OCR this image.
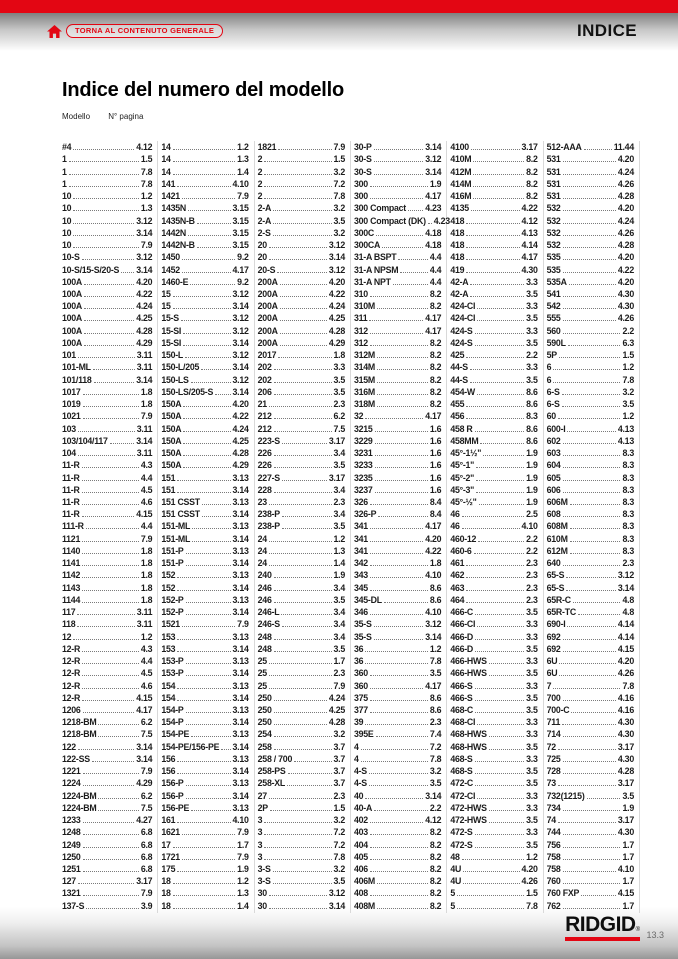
TORNA AL CONTENUTO GENERALE	INDICE
Indice del numero del modello
Modello N° pagina
#4	4.12
1	1.5
1	7.8
1	7.8
10	1.2
10	1.3
10	3.12
10	3.14
10	7.9
10-S	3.12
10-S/15-S/20-S 3.14
100A	4.20
100A	4.22
100A	4.24
100A	4.25
100A	4.28
100A	4.29
101	3.11
101-ML	3.11
101/118	3.14
1017	1.8
1019	1.8
1021	7.9
103	3.11
103/104/117	3.14
104	3.11
11-R	4.3
11-R	4.4
11-R	4.5
11-R	4.6
11-R	4.15
111-R	4.4
1121	7.9
1140	1.8
1141	1.8
1142	1.8
1143	1.8
1144	1.8
117	3.11
118	3.11
12	1.2
12-R	4.3
12-R	4.4
12-R	4.5
12-R	4.6
12-R	4.15
1206	4.17
1218-BM	6.2
1218-BM	7.5
122	3.14
122-SS	3.14
1221	7.9
1224	4.29
1224-BM	6.2
1224-BM	7.5
1233	4.27
1248	6.8
1249	6.8
1250	6.8
1251	6.8
127	3.17
1321	7.9
137-S	3.9
14	1.2
14	1.3
14	1.4
141	4.10
1421	7.9
1435N	3.15
1435N-B	3.15
1442N	3.15
1442N-B	3.15
1450	9.2
1452	4.17
1460-E	9.2
15	3.12
15	3.14
15-S	3.12
15-SI	3.12
15-SI	3.14
150-L	3.12
150-L/205	3.14
150-LS	3.12
150-LS/205-S 3.14
150A	4.20
150A	4.22
150A	4.24
150A	4.25
150A	4.28
150A	4.29
151	3.13
151	3.14
151 CSST	3.13
151 CSST	3.14
151-ML	3.13
151-ML	3.14
151-P	3.13
151-P	3.14
152	3.13
152	3.14
152-P	3.13
152-P	3.14
1521	7.9
153	3.13
153	3.14
153-P	3.13
153-P	3.14
154	3.13
154	3.14
154-P	3.13
154-P	3.14
154-PE	3.13
154-PE/156-PE 3.14
156	3.13
156	3.14
156-P	3.13
156-P	3.14
156-PE	3.13
161	4.10
1621	7.9
17	1.7
1721	7.9
175	1.9
18	1.2
18	1.3
18	1.4
1821	7.9
2	1.5
2	3.2
2	7.2
2	7.8
2-A	3.2
2-A	3.5
2-S	3.2
20	3.12
20	3.14
20-S	3.12
200A	4.20
200A	4.22
200A	4.24
200A	4.25
200A	4.28
200A	4.29
2017	1.8
202	3.3
202	3.5
206	3.5
21	2.3
212	6.2
212	7.5
223-S	3.17
226	3.4
226	3.5
227-S	3.17
228	3.4
23	2.3
238-P	3.4
238-P	3.5
24	1.2
24	1.3
24	1.4
240	1.9
246	3.4
246	3.5
246-L	3.4
246-S	3.4
248	3.4
248	3.5
25	1.7
25	2.3
25	7.9
250	4.24
250	4.25
250	4.28
254	3.2
258	3.7
258 / 700	3.7
258-PS	3.7
258-XL	3.7
27	2.3
2P	1.5
3	3.2
3	7.2
3	7.2
3	7.8
3-S	3.2
3-S	3.5
30	3.12
30	3.14
30-P	3.14
30-S	3.12
30-S	3.14
300	1.9
300	4.17
300 Compact 4.23
300 Compact (DK) 4.23
300C	4.18
300CA	4.18
31-A BSPT	4.4
31-A NPSM	4.4
31-A NPT	4.4
310	8.2
310M	8.2
311	4.17
312	4.17
312	8.2
312M	8.2
314M	8.2
315M	8.2
316M	8.2
318M	8.2
32	4.17
3215	1.6
3229	1.6
3231	1.6
3233	1.6
3235	1.6
3237	1.6
326	8.4
326-P	8.4
341	4.17
341	4.20
341	4.22
342	1.8
343	4.10
345	8.6
345-DL	8.6
346	4.10
35-S	3.12
35-S	3.14
36	1.2
36	7.8
360	3.5
360	4.17
375	8.6
377	8.6
39	2.3
395E	7.4
4	7.2
4	7.8
4-S	3.2
4-S	3.5
40	3.14
40-A	2.2
402	4.12
403	8.2
404	8.2
405	8.2
406	8.2
406M	8.2
408	8.2
408M	8.2
4100	3.17
410M	8.2
412M	8.2
414M	8.2
416M	8.2
4135	4.22
418	4.12
418	4.13
418	4.14
418	4.17
419	4.30
42-A	3.3
42-A	3.5
424-CI	3.3
424-CI	3.5
424-S	3.3
424-S	3.5
425	2.2
44-S	3.3
44-S	3.5
454-W	8.6
455	8.6
456	8.3
458 R	8.6
458MM	8.6
45°-1½"	1.9
45°-1"	1.9
45°-2"	1.9
45°-3"	1.9
45°-½"	1.9
46	2.5
46	4.10
460-12	2.2
460-6	2.2
461	2.3
462	2.3
463	2.3
464	2.3
466-C	3.5
466-CI	3.3
466-D	3.3
466-D	3.5
466-HWS	3.3
466-HWS	3.5
466-S	3.3
466-S	3.5
468-C	3.5
468-CI	3.3
468-HWS	3.3
468-HWS	3.5
468-S	3.3
468-S	3.5
472-C	3.5
472-CI	3.3
472-HWS	3.3
472-HWS	3.5
472-S	3.3
472-S	3.5
48	1.2
4U	4.20
4U	4.26
5	1.5
5	7.8
512-AAA	11.44
531	4.20
531	4.24
531	4.26
531	4.28
532	4.20
532	4.24
532	4.26
532	4.28
535	4.20
535	4.22
535A	4.20
541	4.30
542	4.30
555	4.26
560	2.2
590L	6.3
5P	1.5
6	1.2
6	7.8
6-S	3.2
6-S	3.5
60	1.2
600-I	4.13
602	4.13
603	8.3
604	8.3
605	8.3
606	8.3
606M	8.3
608	8.3
608M	8.3
610M	8.3
612M	8.3
640	2.3
65-S	3.12
65-S	3.14
65R-C	4.8
65R-TC	4.8
690-I	4.14
692	4.14
692	4.15
6U	4.20
6U	4.26
7	7.8
700	4.16
700-C	4.16
711	4.30
714	4.30
72	3.17
725	4.30
728	4.28
73	3.17
732(1215)	3.5
734	1.9
74	3.17
744	4.30
756	1.7
758	1.7
758	4.10
760	1.7
760 FXP	4.15
762	1.7
RIDGID® 13.3
